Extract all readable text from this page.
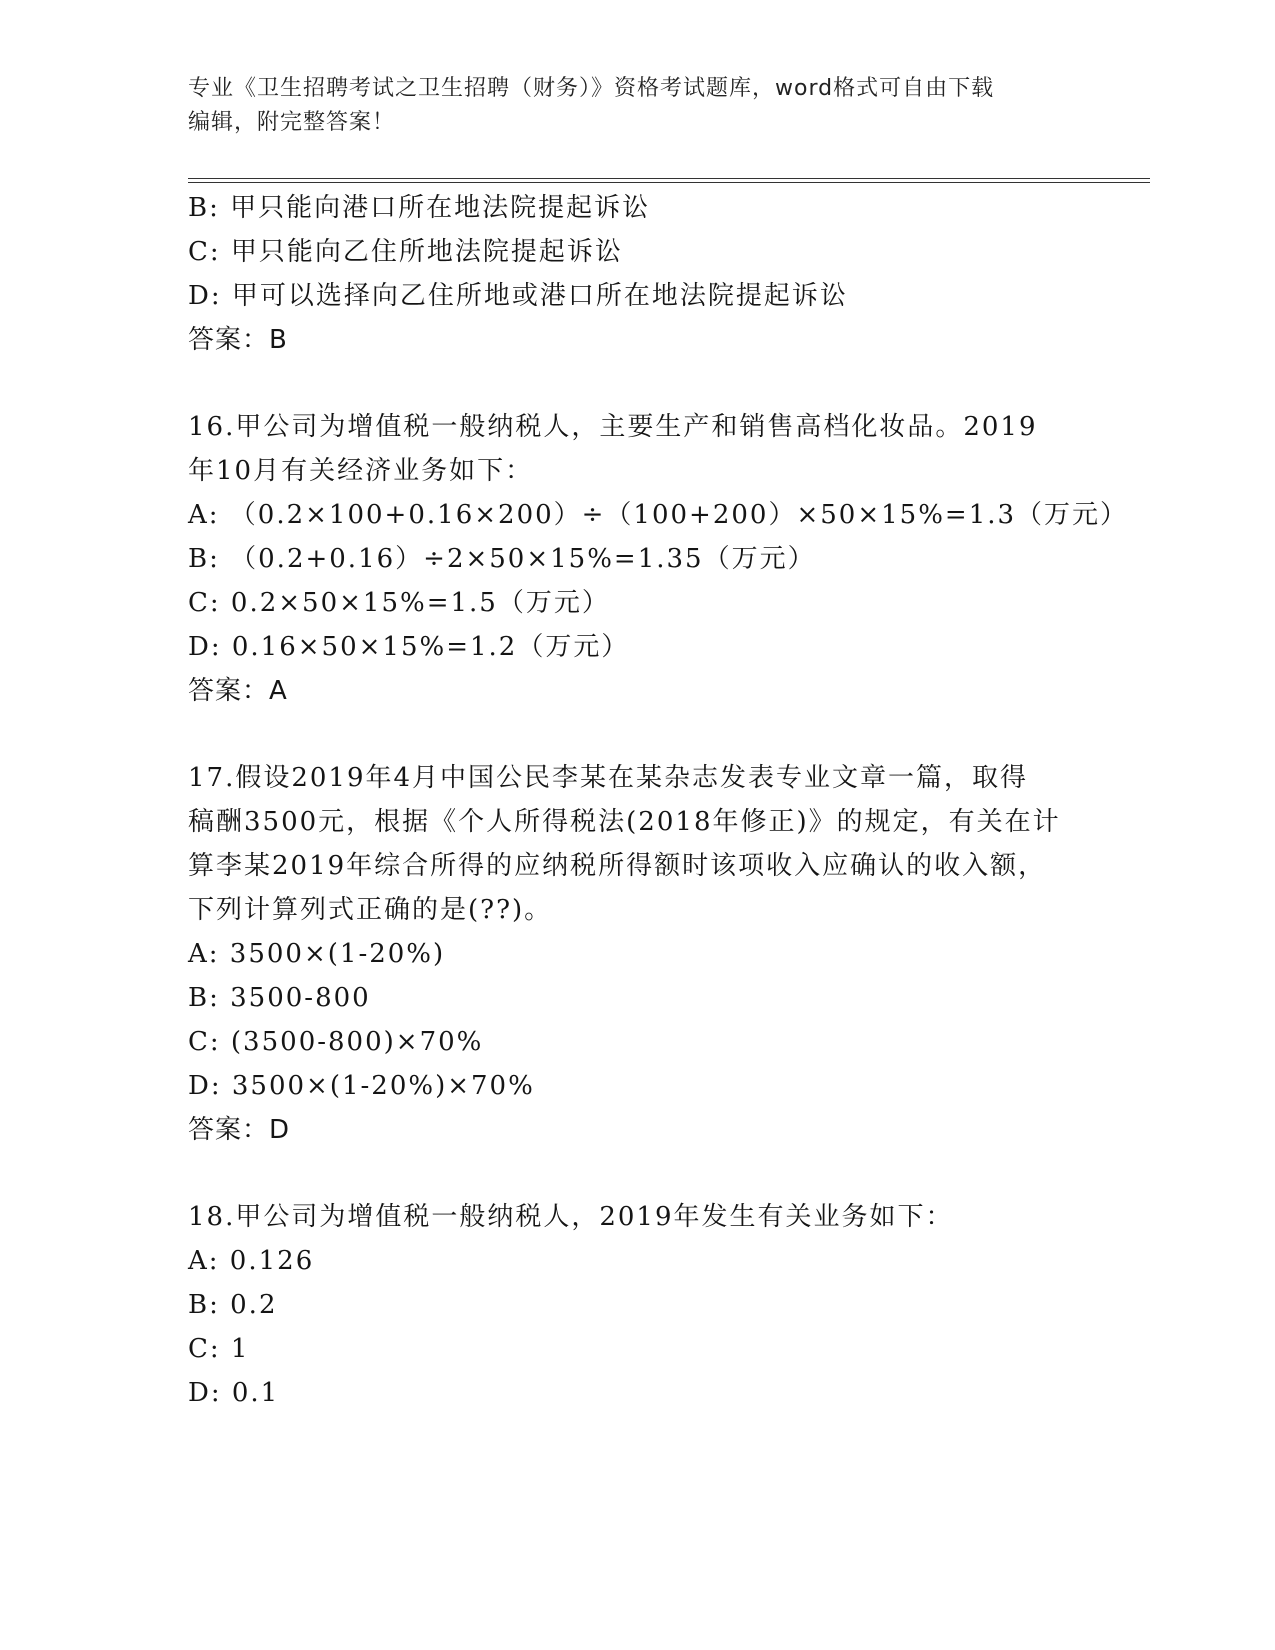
专业《卫生招聘考试之卫生招聘（财务）》资格考试题库，word格式可自由下载
编辑，附完整答案！
B: 甲只能向港口所在地法院提起诉讼
C: 甲只能向乙住所地法院提起诉讼
D: 甲可以选择向乙住所地或港口所在地法院提起诉讼
答案：B
16.甲公司为增值税一般纳税人，主要生产和销售高档化妆品。2019
年10月有关经济业务如下：
A: （0.2×100+0.16×200）÷（100+200）×50×15%=1.3（万元）
B: （0.2+0.16）÷2×50×15%=1.35（万元）
C: 0.2×50×15%=1.5（万元）
D: 0.16×50×15%=1.2（万元）
答案：A
17.假设2019年4月中国公民李某在某杂志发表专业文章一篇，取得
稿酬3500元，根据《个人所得税法(2018年修正)》的规定，有关在计
算李某2019年综合所得的应纳税所得额时该项收入应确认的收入额，
下列计算列式正确的是(??)。
A: 3500×(1-20%)
B: 3500-800
C: (3500-800)×70%
D: 3500×(1-20%)×70%
答案：D
18.甲公司为增值税一般纳税人，2019年发生有关业务如下：
A: 0.126
B: 0.2
C: 1
D: 0.1
